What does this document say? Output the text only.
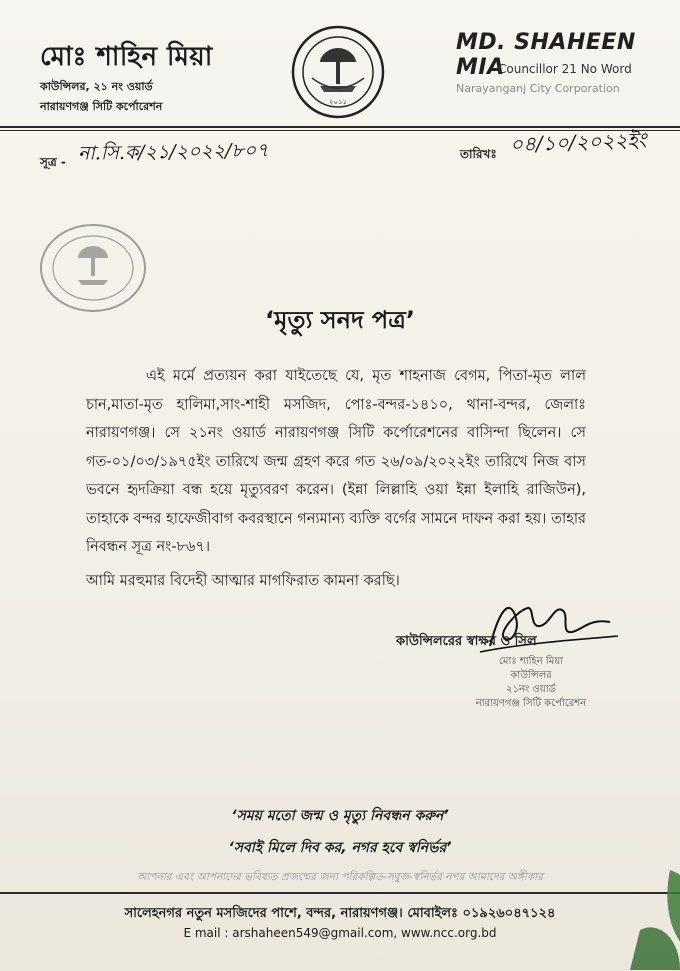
মোঃ শাহিন মিয়া
কাউন্সিলর, ২১ নং ওয়ার্ড
নারায়ণগঞ্জ সিটি কর্পোরেশন	২০১১
MD. SHAHEEN MIA
Councillor 21 No Word
Narayanganj City Corporation
সূত্র - না.সি.ক/২১/২০২২/৮০৭	তারিখঃ ০৪/১০/২০২২ইং
‘মৃত্যু সনদ পত্র’

এই মর্মে প্রত্যয়ন করা যাইতেছে যে, মৃত শাহনাজ বেগম, পিতা-মৃত লাল চান,মাতা-মৃত হালিমা,সাং-শাহী মসজিদ, পোঃ-বন্দর-১৪১০, থানা-বন্দর, জেলাঃ নারায়ণগঞ্জ। সে ২১নং ওয়ার্ড নারায়ণগঞ্জ সিটি কর্পোরেশনের বাসিন্দা ছিলেন। সে গত-০১/০৩/১৯৭৫ইং তারিখে জন্ম গ্রহণ করে গত ২৬/০৯/২০২২ইং তারিখে নিজ বাস ভবনে হৃদক্রিয়া বন্ধ হয়ে মৃত্যুবরণ করেন। (ইন্না লিল্লাহি ওয়া ইন্না ইলাহি রাজিউন), তাহাকে বন্দর হাফেজীবাগ কবরস্থানে গন্যমান্য ব্যক্তি বর্গের সামনে দাফন করা হয়। তাহার নিবন্ধন সূত্র নং-৮৬৭।

আমি মরহুমার বিদেহী আত্মার মাগফিরাত কামনা করছি।
কাউন্সিলরের স্বাক্ষর ও সিল
মোঃ শাহিন মিয়া
কাউন্সিলর
২১নং ওয়ার্ড
নারায়ণগঞ্জ সিটি কর্পোরেশন
‘সময় মতো জন্ম ও মৃত্যু নিবন্ধন করুন’
‘সবাই মিলে দিব কর, নগর হবে স্বনির্ভর’
আপনার এবং আপনাদের ভবিষ্যত প্রজন্মের জন্য পরিকল্পিত-সবুজ-স্বনির্ভর নগর আমাদের অঙ্গীকার
সালেহনগর নতুন মসজিদের পাশে, বন্দর, নারায়ণগঞ্জ। মোবাইলঃ ০১৯২৬০৪৭১২৪
E mail : arshaheen549@gmail.com, www.ncc.org.bd
